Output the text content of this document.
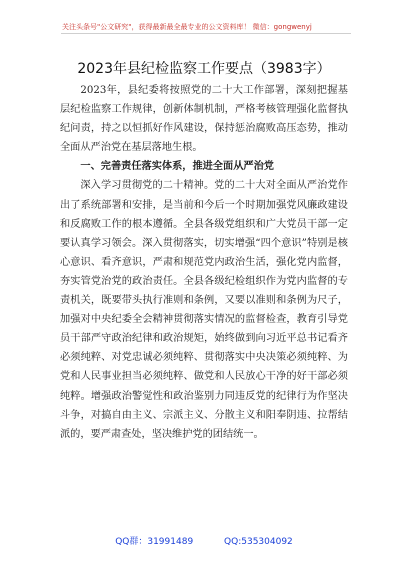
关注头条号"公文研究"，获得最新最全最专业的公文资料库！ 微信：gongwenyj
2023年县纪检监察工作要点（3983字）

2023年，县纪委将按照党的二十大工作部署，深刻把握基层纪检监察工作规律，创新体制机制，严格考核管理强化监督执纪问责，持之以恒抓好作风建设，保持惩治腐败高压态势，推动全面从严治党在基层落地生根。

一、完善责任落实体系，推进全面从严治党

深入学习贯彻党的二十精神。党的二十大对全面从严治党作出了系统部署和安排，是当前和今后一个时期加强党风廉政建设和反腐败工作的根本遵循。全县各级党组织和广大党员干部一定要认真学习领会。深入贯彻落实，切实增强“四个意识”特别是核心意识、看齐意识，严肃和规范党内政治生活，强化党内监督，夯实管党治党的政治责任。全县各级纪检组织作为党内监督的专责机关，既要带头执行准则和条例，又要以准则和条例为尺子，加强对中央纪委全会精神贯彻落实情况的监督检查，教育引导党员干部严守政治纪律和政治规矩，始终做到向习近平总书记看齐必须纯粹、对党忠诚必须纯粹、贯彻落实中央决策必须纯粹、为党和人民事业担当必须纯粹、做党和人民放心干净的好干部必须纯粹。增强政治警觉性和政治鉴别力同违反党的纪律行为作坚决斗争，对搞自由主义、宗派主义、分散主义和阳奉阴违、拉帮结派的，要严肃查处，坚决维护党的团结统一。

QQ群：31991489	QQ:535304092
